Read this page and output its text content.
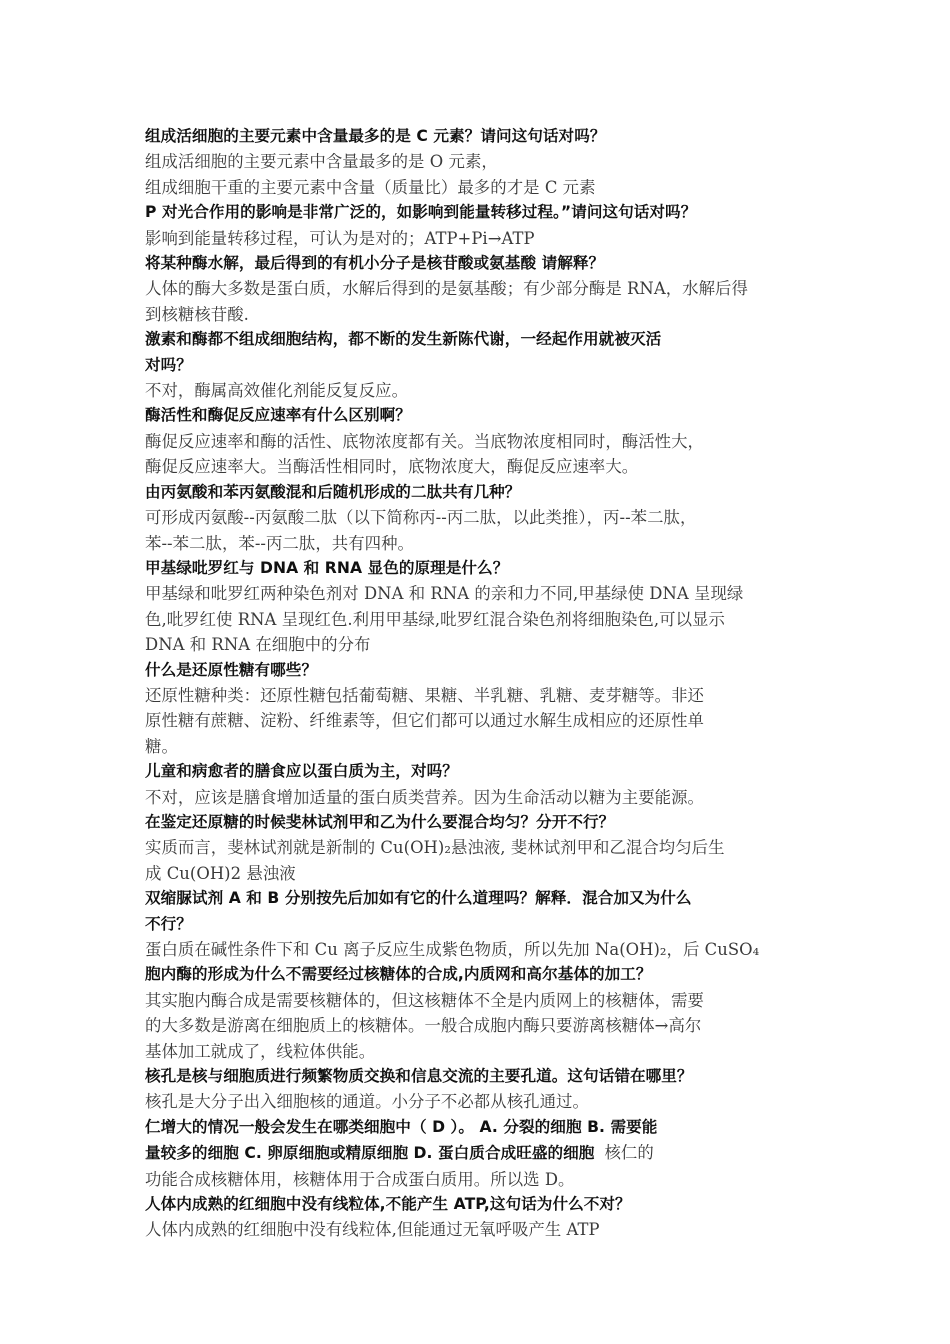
组成活细胞的主要元素中含量最多的是 C 元素？请问这句话对吗？
组成活细胞的主要元素中含量最多的是 O 元素，
组成细胞干重的主要元素中含量（质量比）最多的才是 C 元素
P 对光合作用的影响是非常广泛的，如影响到能量转移过程。”请问这句话对吗？
影响到能量转移过程，可认为是对的；ATP+Pi→ATP
将某种酶水解，最后得到的有机小分子是核苷酸或氨基酸 请解释？
人体的酶大多数是蛋白质，水解后得到的是氨基酸；有少部分酶是 RNA，水解后得
到核糖核苷酸.
激素和酶都不组成细胞结构，都不断的发生新陈代谢，一经起作用就被灭活
对吗？
不对，酶属高效催化剂能反复反应。
酶活性和酶促反应速率有什么区别啊？
酶促反应速率和酶的活性、底物浓度都有关。当底物浓度相同时，酶活性大，
酶促反应速率大。当酶活性相同时，底物浓度大，酶促反应速率大。
由丙氨酸和苯丙氨酸混和后随机形成的二肽共有几种？
可形成丙氨酸--丙氨酸二肽（以下简称丙--丙二肽，以此类推），丙--苯二肽，
苯--苯二肽，苯--丙二肽，共有四种。
甲基绿吡罗红与 DNA 和 RNA 显色的原理是什么？
甲基绿和吡罗红两种染色剂对 DNA 和 RNA 的亲和力不同,甲基绿使 DNA 呈现绿
色,吡罗红使 RNA 呈现红色.利用甲基绿,吡罗红混合染色剂将细胞染色,可以显示
DNA 和 RNA 在细胞中的分布
什么是还原性糖有哪些？
还原性糖种类：还原性糖包括葡萄糖、果糖、半乳糖、乳糖、麦芽糖等。非还
原性糖有蔗糖、淀粉、纤维素等，但它们都可以通过水解生成相应的还原性单
糖。
儿童和病愈者的膳食应以蛋白质为主，对吗？
不对，应该是膳食增加适量的蛋白质类营养。因为生命活动以糖为主要能源。
在鉴定还原糖的时候斐林试剂甲和乙为什么要混合均匀？分开不行？
实质而言，斐林试剂就是新制的 Cu(OH)₂悬浊液, 斐林试剂甲和乙混合均匀后生
成 Cu(OH)2 悬浊液
双缩脲试剂 A 和 B 分别按先后加如有它的什么道理吗？解释．混合加又为什么
不行？
蛋白质在碱性条件下和 Cu 离子反应生成紫色物质，所以先加 Na(OH)₂，后 CuSO₄
胞内酶的形成为什么不需要经过核糖体的合成,内质网和高尔基体的加工？
其实胞内酶合成是需要核糖体的，但这核糖体不全是内质网上的核糖体，需要
的大多数是游离在细胞质上的核糖体。一般合成胞内酶只要游离核糖体→高尔
基体加工就成了，线粒体供能。
核孔是核与细胞质进行频繁物质交换和信息交流的主要孔道。这句话错在哪里？
核孔是大分子出入细胞核的通道。小分子不必都从核孔通过。
仁增大的情况一般会发生在哪类细胞中（ D ）。 A. 分裂的细胞 B. 需要能
量较多的细胞 C. 卵原细胞或精原细胞 D. 蛋白质合成旺盛的细胞 核仁的
功能合成核糖体用，核糖体用于合成蛋白质用。所以选 D。
人体内成熟的红细胞中没有线粒体,不能产生 ATP,这句话为什么不对？
人体内成熟的红细胞中没有线粒体,但能通过无氧呼吸产生 ATP
